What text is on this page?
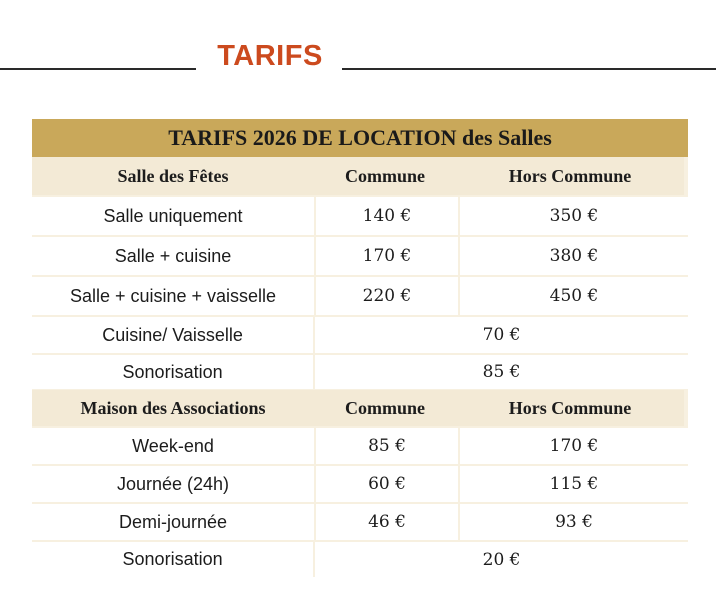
TARIFS
TARIFS 2026 DE LOCATION des Salles
Salle des Fêtes	Commune	Hors Commune
Salle uniquement	140 €	350 €
Salle + cuisine	170 €	380 €
Salle + cuisine + vaisselle	220 €	450 €
Cuisine/ Vaisselle	70 €
Sonorisation	85 €
Maison des Associations	Commune	Hors Commune
Week-end	85 €	170 €
Journée (24h)	60 €	115 €
Demi-journée	46 €	93 €
Sonorisation	20 €
